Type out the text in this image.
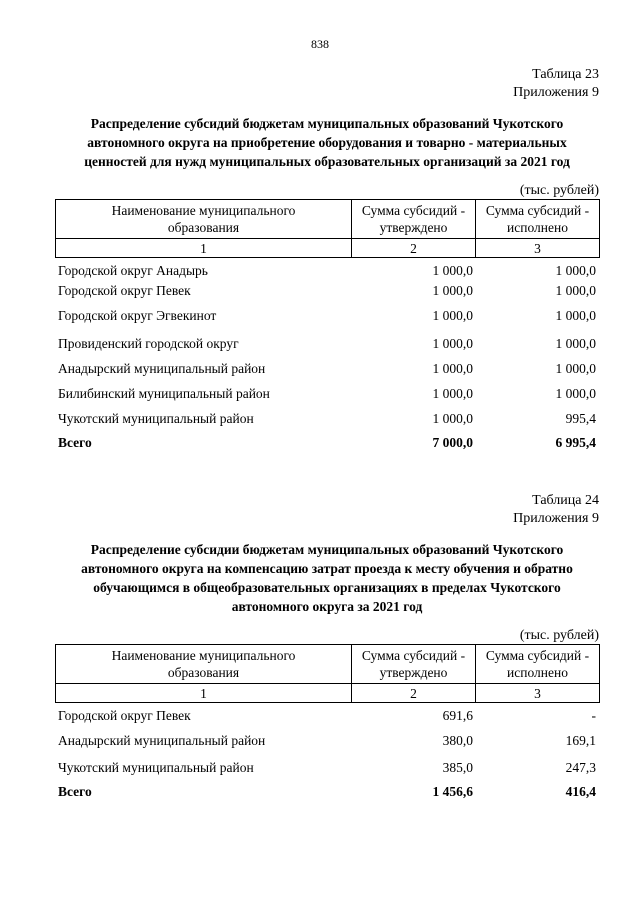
838
Таблица 23
Приложения 9
Распределение субсидий бюджетам муниципальных образований Чукотского автономного округа на приобретение оборудования и товарно - материальных ценностей для нужд муниципальных образовательных организаций за 2021 год
(тыс. рублей)
Наименование муниципального образования	Сумма субсидий - утверждено	Сумма субсидий - исполнено
1	2	3
Городской округ Анадырь	1 000,0	1 000,0
Городской округ Певек	1 000,0	1 000,0
Городской округ Эгвекинот	1 000,0	1 000,0
Провиденский городской округ	1 000,0	1 000,0
Анадырский муниципальный район	1 000,0	1 000,0
Билибинский муниципальный район	1 000,0	1 000,0
Чукотский муниципальный район	1 000,0	995,4
Всего	7 000,0	6 995,4
Таблица 24
Приложения 9
Распределение субсидии бюджетам муниципальных образований Чукотского автономного округа на компенсацию затрат проезда к месту обучения и обратно обучающимся в общеобразовательных организациях в пределах Чукотского автономного округа за 2021 год
(тыс. рублей)
Наименование муниципального образования	Сумма субсидий - утверждено	Сумма субсидий - исполнено
1	2	3
Городской округ Певек	691,6	-
Анадырский муниципальный район	380,0	169,1
Чукотский муниципальный район	385,0	247,3
Всего	1 456,6	416,4
